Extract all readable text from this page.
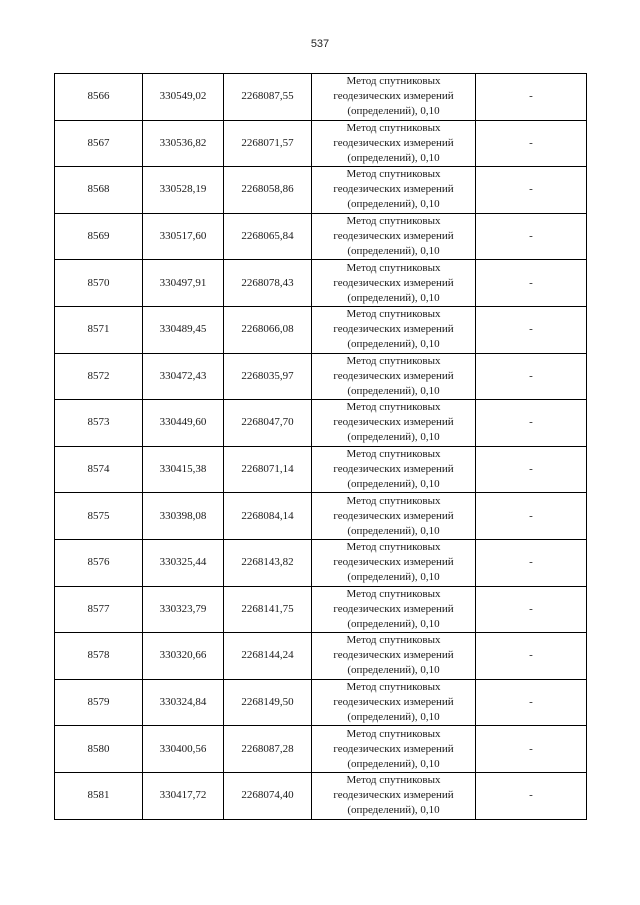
537
8566	330549,02	2268087,55	Метод спутниковых
геодезических измерений
(определений), 0,10	-
8567	330536,82	2268071,57	Метод спутниковых
геодезических измерений
(определений), 0,10	-
8568	330528,19	2268058,86	Метод спутниковых
геодезических измерений
(определений), 0,10	-
8569	330517,60	2268065,84	Метод спутниковых
геодезических измерений
(определений), 0,10	-
8570	330497,91	2268078,43	Метод спутниковых
геодезических измерений
(определений), 0,10	-
8571	330489,45	2268066,08	Метод спутниковых
геодезических измерений
(определений), 0,10	-
8572	330472,43	2268035,97	Метод спутниковых
геодезических измерений
(определений), 0,10	-
8573	330449,60	2268047,70	Метод спутниковых
геодезических измерений
(определений), 0,10	-
8574	330415,38	2268071,14	Метод спутниковых
геодезических измерений
(определений), 0,10	-
8575	330398,08	2268084,14	Метод спутниковых
геодезических измерений
(определений), 0,10	-
8576	330325,44	2268143,82	Метод спутниковых
геодезических измерений
(определений), 0,10	-
8577	330323,79	2268141,75	Метод спутниковых
геодезических измерений
(определений), 0,10	-
8578	330320,66	2268144,24	Метод спутниковых
геодезических измерений
(определений), 0,10	-
8579	330324,84	2268149,50	Метод спутниковых
геодезических измерений
(определений), 0,10	-
8580	330400,56	2268087,28	Метод спутниковых
геодезических измерений
(определений), 0,10	-
8581	330417,72	2268074,40	Метод спутниковых
геодезических измерений
(определений), 0,10	-
